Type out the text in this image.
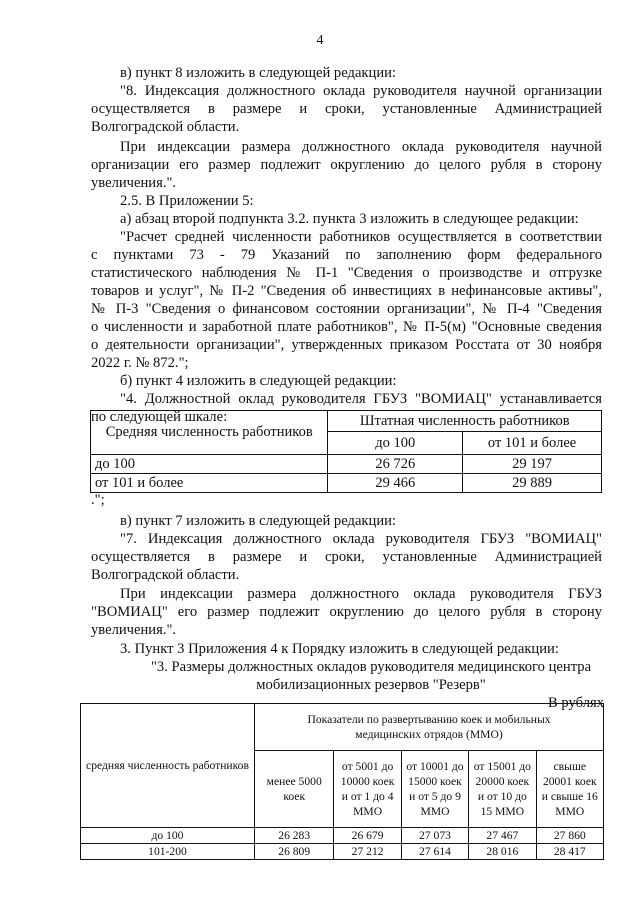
4
в) пункт 8 изложить в следующей редакции:
"8. Индексация должностного оклада руководителя научной организации
осуществляется в размере и сроки, установленные Администрацией
Волгоградской области.
При индексации размера должностного оклада руководителя научной
организации его размер подлежит округлению до целого рубля в сторону
увеличения.".
2.5. В Приложении 5:
а) абзац второй подпункта 3.2. пункта 3 изложить в следующее редакции:
"Расчет средней численности работников осуществляется в соответствии
с пунктами 73 - 79 Указаний по заполнению форм федерального
статистического наблюдения № П-1 "Сведения о производстве и отгрузке
товаров и услуг", № П-2 "Сведения об инвестициях в нефинансовые активы",
№ П-3 "Сведения о финансовом состоянии организации", № П-4 "Сведения
о численности и заработной плате работников", № П-5(м) "Основные сведения
о деятельности организации", утвержденных приказом Росстата от 30 ноября
2022 г. № 872.";
б) пункт 4 изложить в следующей редакции:
"4. Должностной оклад руководителя ГБУЗ "ВОМИАЦ" устанавливается
по следующей шкале:
Средняя численность работников	Штатная численность работников	
	до 100	от 101 и более
до 100	26 726	29 197
от 101 и более	29 466	29 889
.";
в) пункт 7 изложить в следующей редакции:
"7. Индексация должностного оклада руководителя ГБУЗ "ВОМИАЦ"
осуществляется в размере и сроки, установленные Администрацией
Волгоградской области.
При индексации размера должностного оклада руководителя ГБУЗ
"ВОМИАЦ" его размер подлежит округлению до целого рубля в сторону
увеличения.".
3. Пункт 3 Приложения 4 к Порядку изложить в следующей редакции:
"3. Размеры должностных окладов руководителя медицинского центра
мобилизационных резервов "Резерв"
В рублях
средняя численность работников	Показатели по развертыванию коек и мобильных медицинских отрядов (ММО)				
	менее 5000 коек	от 5001 до 10000 коек и от 1 до 4 ММО	от 10001 до 15000 коек и от 5 до 9 ММО	от 15001 до 20000 коек и от 10 до 15 ММО	свыше 20001 коек и свыше 16 ММО
до 100	26 283	26 679	27 073	27 467	27 860
101-200	26 809	27 212	27 614	28 016	28 417
